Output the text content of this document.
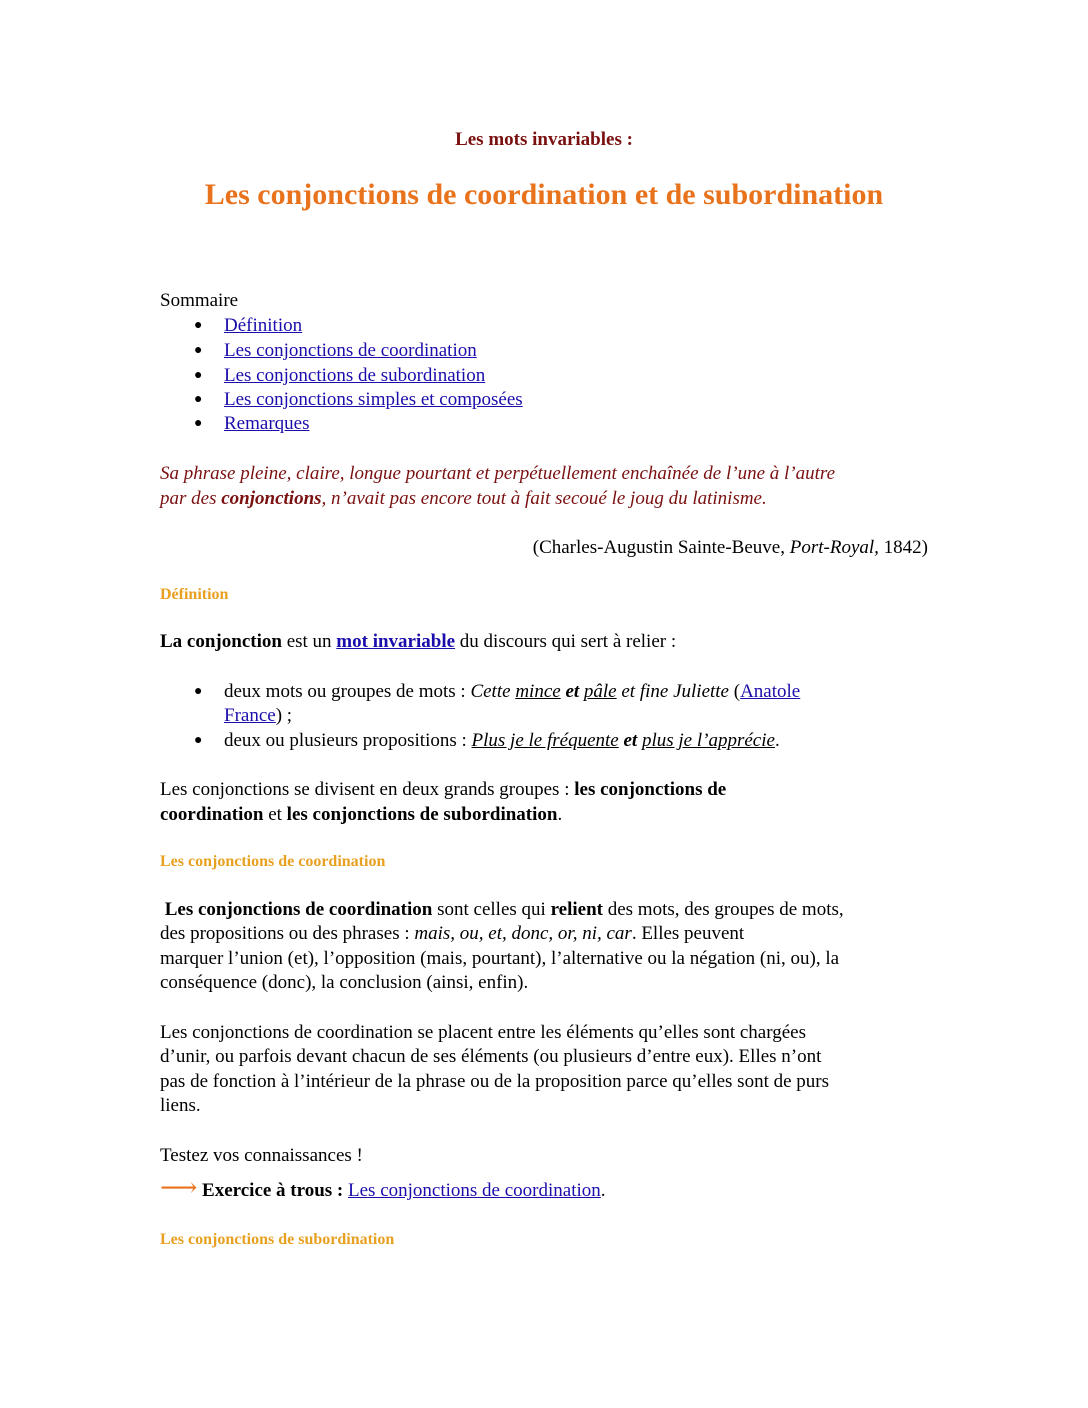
Les mots invariables :
Les conjonctions de coordination et de subordination
Sommaire
● Définition
● Les conjonctions de coordination
● Les conjonctions de subordination
● Les conjonctions simples et composées
● Remarques
Sa phrase pleine, claire, longue pourtant et perpétuellement enchaînée de l’une à l’autre
par des conjonctions, n’avait pas encore tout à fait secoué le joug du latinisme.
(Charles-Augustin Sainte-Beuve, Port-Royal, 1842)
Définition
La conjonction est un mot invariable du discours qui sert à relier :
● deux mots ou groupes de mots : Cette mince et pâle et fine Juliette (Anatole
France) ;
● deux ou plusieurs propositions : Plus je le fréquente et plus je l’apprécie.
Les conjonctions se divisent en deux grands groupes : les conjonctions de
coordination et les conjonctions de subordination.
Les conjonctions de coordination
Les conjonctions de coordination sont celles qui relient des mots, des groupes de mots,
des propositions ou des phrases : mais, ou, et, donc, or, ni, car. Elles peuvent
marquer l’union (et), l’opposition (mais, pourtant), l’alternative ou la négation (ni, ou), la
conséquence (donc), la conclusion (ainsi, enfin).
Les conjonctions de coordination se placent entre les éléments qu’elles sont chargées
d’unir, ou parfois devant chacun de ses éléments (ou plusieurs d’entre eux). Elles n’ont
pas de fonction à l’intérieur de la phrase ou de la proposition parce qu’elles sont de purs
liens.
Testez vos connaissances !
⟶ Exercice à trous : Les conjonctions de coordination.
Les conjonctions de subordination
